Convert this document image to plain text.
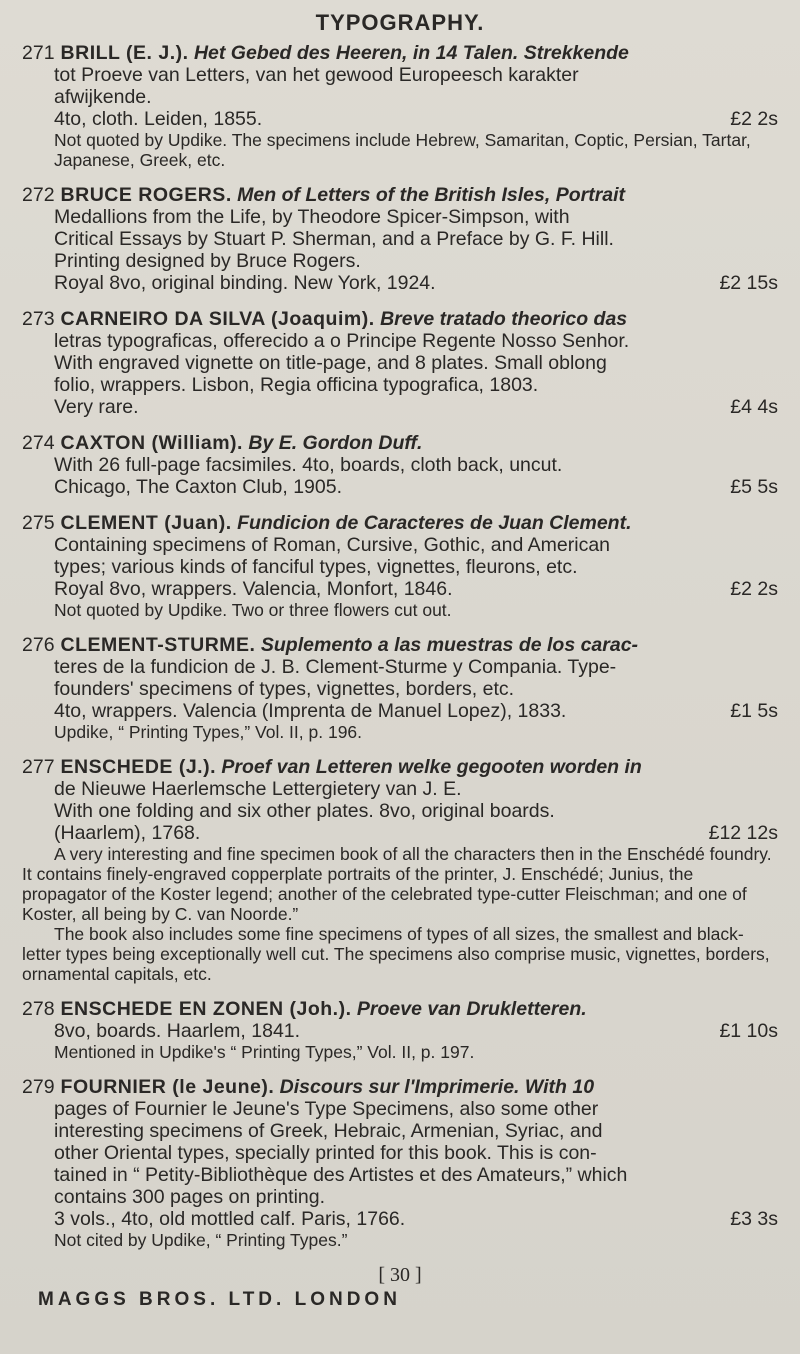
TYPOGRAPHY.
271 BRILL (E. J.). Het Gebed des Heeren, in 14 Talen. Strekkende
tot Proeve van Letters, van het gewood Europeesch karakter
afwijkende.
4to, cloth. Leiden, 1855.	£2 2s
Not quoted by Updike. The specimens include Hebrew, Samaritan, Coptic, Persian, Tartar, Japanese, Greek, etc.
272 BRUCE ROGERS. Men of Letters of the British Isles, Portrait
Medallions from the Life, by Theodore Spicer-Simpson, with
Critical Essays by Stuart P. Sherman, and a Preface by G. F. Hill.
Printing designed by Bruce Rogers.
Royal 8vo, original binding. New York, 1924.	£2 15s
273 CARNEIRO DA SILVA (Joaquim). Breve tratado theorico das
letras typograficas, offerecido a o Principe Regente Nosso Senhor.
With engraved vignette on title-page, and 8 plates. Small oblong
folio, wrappers. Lisbon, Regia officina typografica, 1803.
Very rare.	£4 4s
274 CAXTON (William). By E. Gordon Duff.
With 26 full-page facsimiles. 4to, boards, cloth back, uncut.
Chicago, The Caxton Club, 1905.	£5 5s
275 CLEMENT (Juan). Fundicion de Caracteres de Juan Clement.
Containing specimens of Roman, Cursive, Gothic, and American
types; various kinds of fanciful types, vignettes, fleurons, etc.
Royal 8vo, wrappers. Valencia, Monfort, 1846.	£2 2s
Not quoted by Updike. Two or three flowers cut out.
276 CLEMENT-STURME. Suplemento a las muestras de los carac-
teres de la fundicion de J. B. Clement-Sturme y Compania. Type-
founders' specimens of types, vignettes, borders, etc.
4to, wrappers. Valencia (Imprenta de Manuel Lopez), 1833.	£1 5s
Updike, “ Printing Types,” Vol. II, p. 196.
277 ENSCHEDE (J.). Proef van Letteren welke gegooten worden in
de Nieuwe Haerlemsche Lettergietery van J. E.
With one folding and six other plates. 8vo, original boards.
(Haarlem), 1768.	£12 12s

A very interesting and fine specimen book of all the characters then in the Enschédé foundry. It contains finely-engraved copperplate portraits of the printer, J. Enschédé; Junius, the propagator of the Koster legend; another of the celebrated type-cutter Fleischman; and one of Koster, all being by C. van Noorde.”

The book also includes some fine specimens of types of all sizes, the smallest and black-letter types being exceptionally well cut. The specimens also comprise music, vignettes, borders, ornamental capitals, etc.

278 ENSCHEDE EN ZONEN (Joh.). Proeve van Drukletteren.
8vo, boards. Haarlem, 1841.	£1 10s
Mentioned in Updike's “ Printing Types,” Vol. II, p. 197.
279 FOURNIER (le Jeune). Discours sur l'Imprimerie. With 10
pages of Fournier le Jeune's Type Specimens, also some other
interesting specimens of Greek, Hebraic, Armenian, Syriac, and
other Oriental types, specially printed for this book. This is con-
tained in “ Petity-Bibliothèque des Artistes et des Amateurs,” which
contains 300 pages on printing.
3 vols., 4to, old mottled calf. Paris, 1766.	£3 3s
Not cited by Updike, “ Printing Types.”
[ 30 ]
MAGGS BROS. LTD. LONDON
